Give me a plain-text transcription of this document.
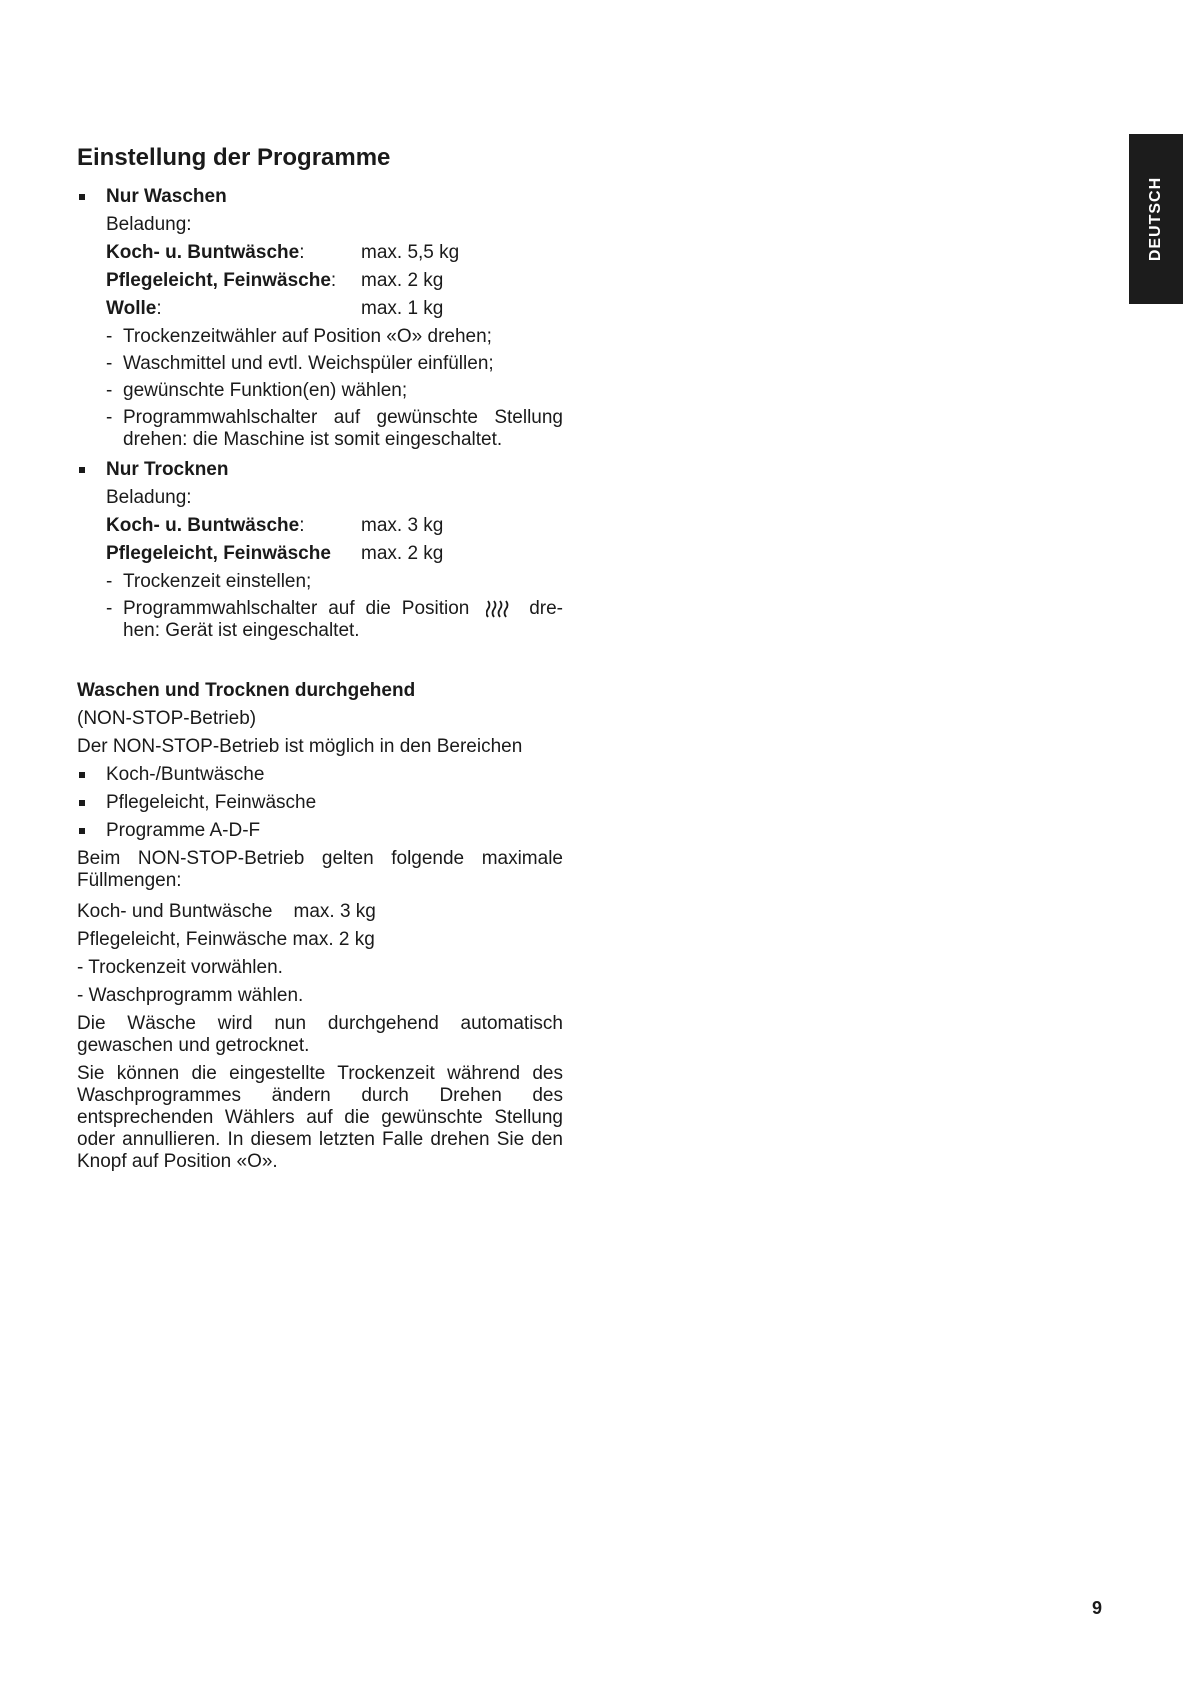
DEUTSCH
Einstellung der Programme
Nur Waschen
Beladung:
Koch- u. Buntwäsche:	max. 5,5 kg
Pflegeleicht, Feinwäsche:	max. 2 kg
Wolle:	max. 1 kg
- Trockenzeitwähler auf Position «O» drehen;
- Waschmittel und evtl. Weichspüler einfüllen;
- gewünschte Funktion(en) wählen;
- Programmwahlschalter auf gewünschte Stellung drehen: die Maschine ist somit eingeschaltet.
Nur Trocknen
Beladung:
Koch- u. Buntwäsche:	max. 3 kg
Pflegeleicht, Feinwäsche	max. 2 kg
- Trockenzeit einstellen;
- Programmwahlschalter auf die Position	dre-hen: Gerät ist eingeschaltet.
Waschen und Trocknen durchgehend
(NON-STOP-Betrieb)
Der NON-STOP-Betrieb ist möglich in den Bereichen
Koch-/Buntwäsche
Pflegeleicht, Feinwäsche
Programme A-D-F
Beim NON-STOP-Betrieb gelten folgende maximale Füllmengen:
Koch- und Buntwäsche    max. 3 kg
Pflegeleicht, Feinwäsche max. 2 kg
- Trockenzeit vorwählen.
- Waschprogramm wählen.
Die Wäsche wird nun durchgehend automatisch gewaschen und getrocknet.
Sie können die eingestellte Trockenzeit während des Waschprogrammes ändern durch Drehen des entsprechenden Wählers auf die gewünschte Stellung oder annullieren. In diesem letzten Falle drehen Sie den Knopf auf Position «O».
9
